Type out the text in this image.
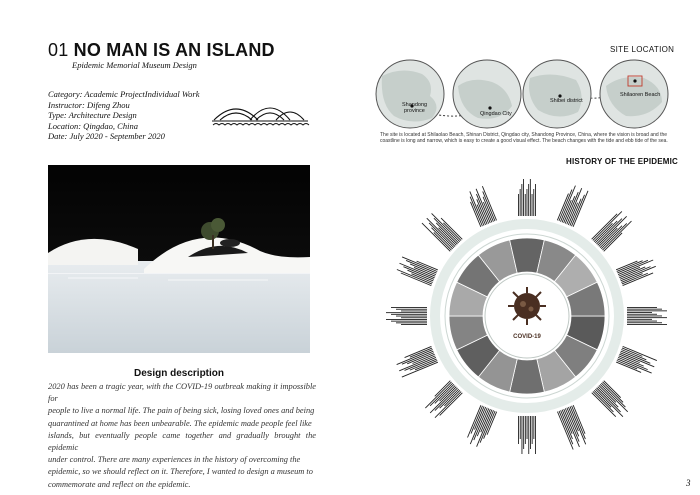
01 NO MAN IS AN ISLAND
Epidemic Memorial Museum Design
Category: Academic ProjectIndividual Work
Instructor: Difeng Zhou
Type: Architecture Design
Location: Qingdao, China
Date: July 2020 - September 2020
Design description
2020 has been a tragic year, with the COVID-19 outbreak making it impossible for
people to live a normal life. The pain of being sick, losing loved ones and being
quarantined at home has been unbearable. The epidemic made people feel like
islands, but eventually people came together and gradually brought the epidemic
under control. There are many experiences in the history of overcoming the
epidemic, so we should reflect on it. Therefore, I wanted to design a museum to
commemorate and reflect on the epidemic.
SITE LOCATION
Shandong province	Qingdao City
Shibei district
Shilaoren Beach
The site is located at Shilaolao Beach, Shinan District, Qingdao city, Shandong Province, China, where the vision is broad and the coastline is long and narrow, which is easy to create a good visual effect. The beach changes with the tide and ebb tide of the sea.
HISTORY OF THE EPIDEMIC
COVID-19
3
